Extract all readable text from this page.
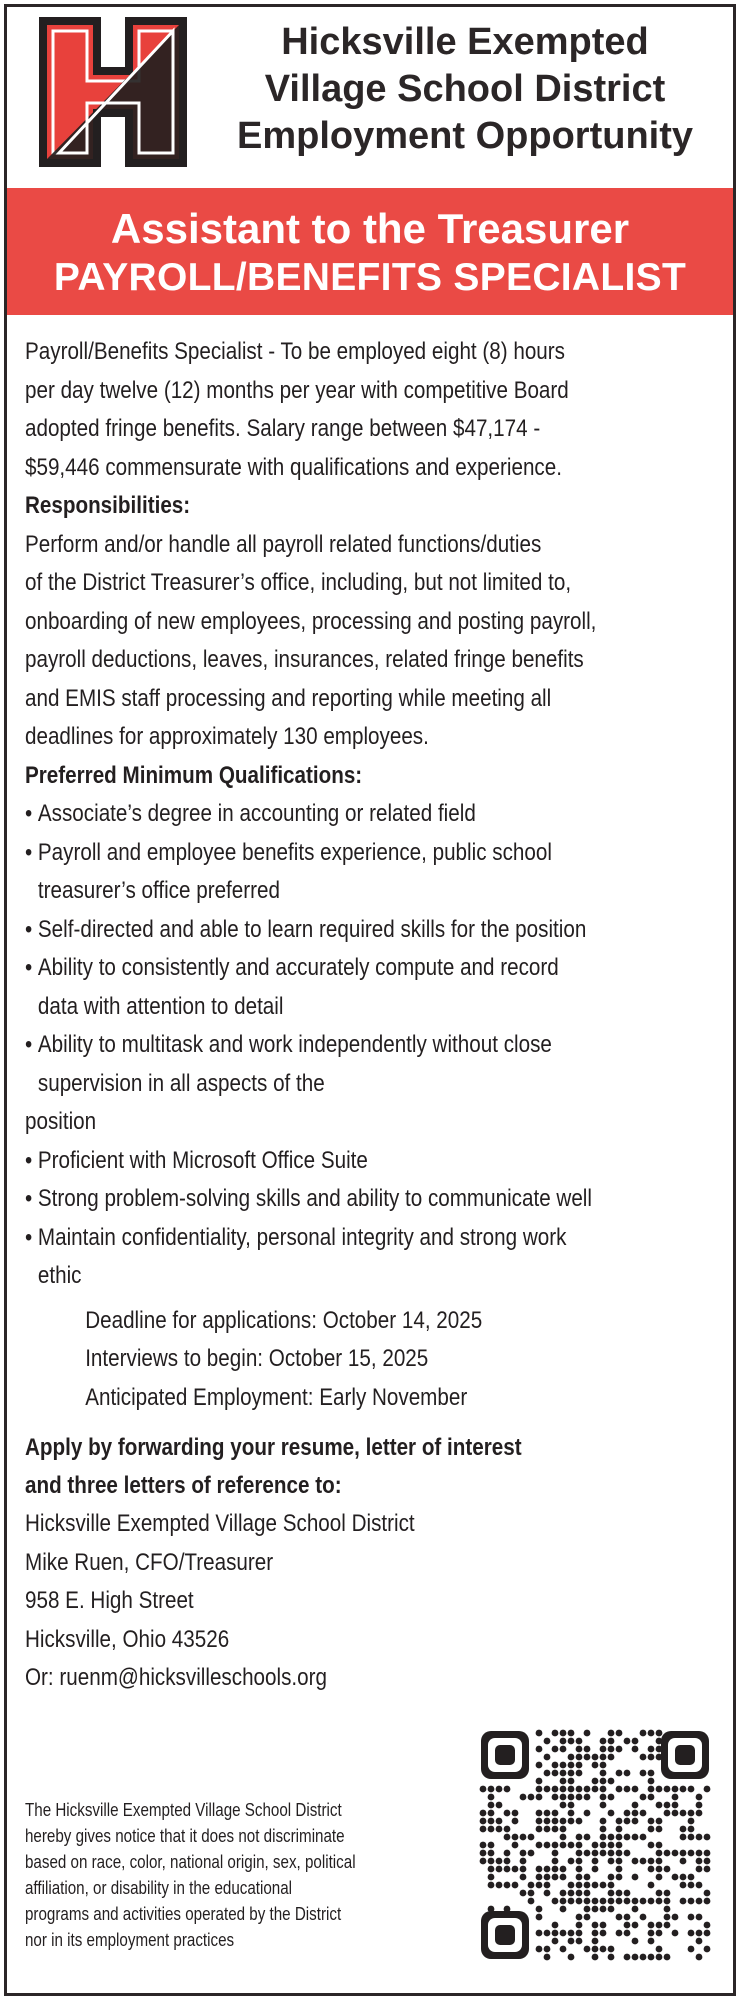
Hicksville Exempted
Village School District
Employment Opportunity
Assistant to the Treasurer
PAYROLL/BENEFITS SPECIALIST

Payroll/Benefits Specialist - To be employed eight (8) hours

per day twelve (12) months per year with competitive Board

adopted fringe benefits. Salary range between $47,174 -

$59,446 commensurate with qualifications and experience.

Responsibilities:

Perform and/or handle all payroll related functions/duties

of the District Treasurer’s office, including, but not limited to,

onboarding of new employees, processing and posting payroll,

payroll deductions, leaves, insurances, related fringe benefits

and EMIS staff processing and reporting while meeting all

deadlines for approximately 130 employees.

Preferred Minimum Qualifications:

• Associate’s degree in accounting or related field
• Payroll and employee benefits experience, public school
treasurer’s office preferred
• Self-directed and able to learn required skills for the position
• Ability to consistently and accurately compute and record
data with attention to detail
• Ability to multitask and work independently without close
supervision in all aspects of the

position

• Proficient with Microsoft Office Suite
• Strong problem-solving skills and ability to communicate well
• Maintain confidentiality, personal integrity and strong work
ethic

Deadline for applications: October 14, 2025

Interviews to begin: October 15, 2025

Anticipated Employment: Early November

Apply by forwarding your resume, letter of interest

and three letters of reference to:

Hicksville Exempted Village School District

Mike Ruen, CFO/Treasurer

958 E. High Street

Hicksville, Ohio 43526

Or: ruenm@hicksvilleschools.org

The Hicksville Exempted Village School District

hereby gives notice that it does not discriminate

based on race, color, national origin, sex, political

affiliation, or disability in the educational

programs and activities operated by the District

nor in its employment practices
